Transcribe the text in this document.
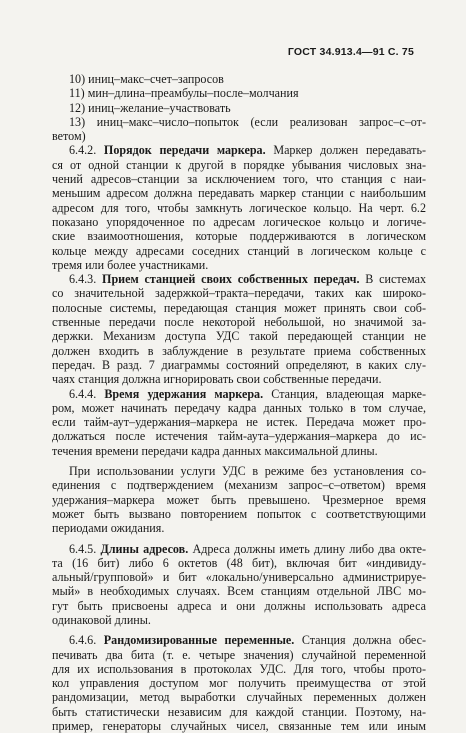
ГОСТ 34.913.4—91 С. 75
10) иниц–макс–счет–запросов
11) мин–длина–преамбулы–после–молчания
12) иниц–желание–участвовать
13) иниц–макс–число–попыток (если реализован запрос–с–от-
ветом)
6.4.2. Порядок передачи маркера. Маркер должен передавать-
ся от одной станции к другой в порядке убывания числовых зна-
чений адресов–станции за исключением того, что станция с наи-
меньшим адресом должна передавать маркер станции с наибольшим
адресом для того, чтобы замкнуть логическое кольцо. На черт. 6.2
показано упорядоченное по адресам логическое кольцо и логиче-
ские взаимоотношения, которые поддерживаются в логическом
кольце между адресами соседних станций в логическом кольце с
тремя или более участниками.
6.4.3. Прием станцией своих собственных передач. В системах
со значительной задержкой–тракта–передачи, таких как широко-
полосные системы, передающая станция может принять свои соб-
ственные передачи после некоторой небольшой, но значимой за-
держки. Механизм доступа УДС такой передающей станции не
должен входить в заблуждение в результате приема собственных
передач. В разд. 7 диаграммы состояний определяют, в каких слу-
чаях станция должна игнорировать свои собственные передачи.
6.4.4. Время удержания маркера. Станция, владеющая марке-
ром, может начинать передачу кадра данных только в том случае,
если тайм-аут–удержания–маркера не истек. Передача может про-
должаться после истечения тайм-аута–удержания–маркера до ис-
течения времени передачи кадра данных максимальной длины.
При использовании услуги УДС в режиме без установления со-
единения с подтверждением (механизм запрос–с–ответом) время
удержания–маркера может быть превышено. Чрезмерное время
может быть вызвано повторением попыток с соответствующими
периодами ожидания.
6.4.5. Длины адресов. Адреса должны иметь длину либо два окте-
та (16 бит) либо 6 октетов (48 бит), включая бит «индивиду-
альный/групповой» и бит «локально/универсально администрируе-
мый» в необходимых случаях. Всем станциям отдельной ЛВС мо-
гут быть присвоены адреса и они должны использовать адреса
одинаковой длины.
6.4.6. Рандомизированные переменные. Станция должна обес-
печивать два бита (т. е. четыре значения) случайной переменной
для их использования в протоколах УДС. Для того, чтобы прото-
кол управления доступом мог получить преимущества от этой
рандомизации, метод выработки случайных переменных должен
быть статистически независим для каждой станции. Поэтому, на-
пример, генераторы случайных чисел, связанные тем или иным
